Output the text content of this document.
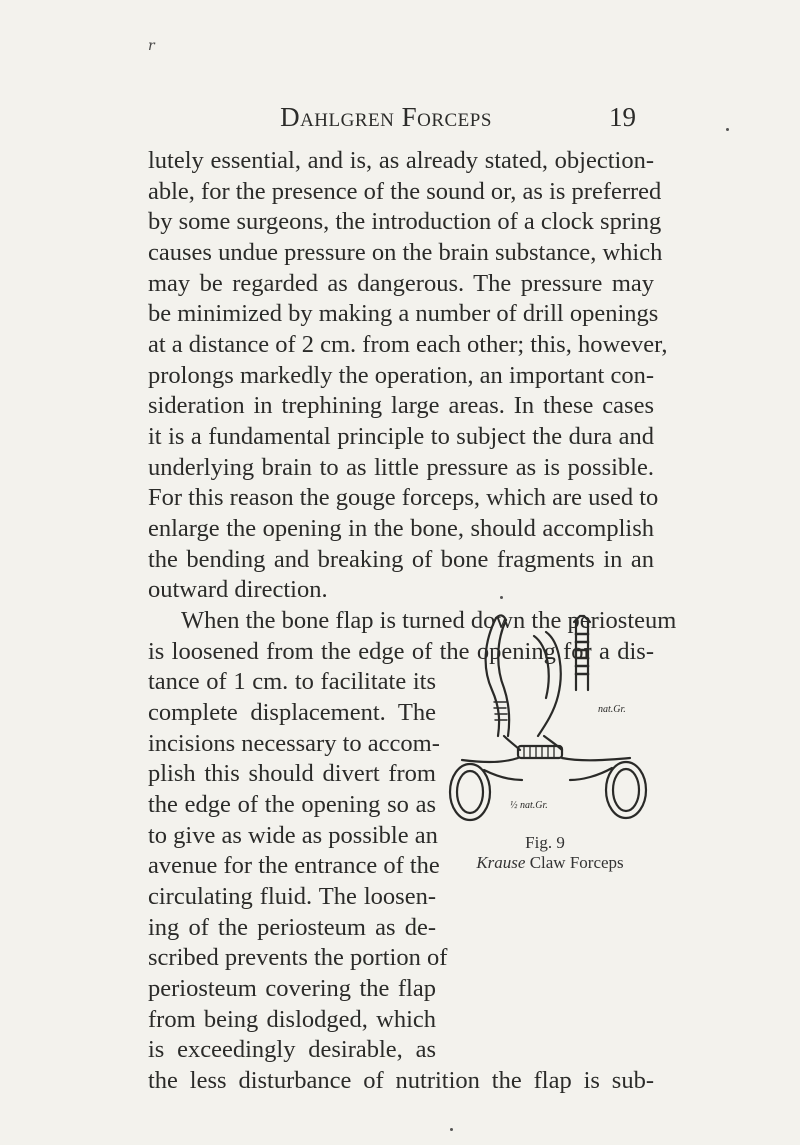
r
Dahlgren Forceps	19
lutely essential, and is, as already stated, objection-
able, for the presence of the sound or, as is preferred
by some surgeons, the introduction of a clock spring
causes undue pressure on the brain substance, which
may be regarded as dangerous. The pressure may
be minimized by making a number of drill openings
at a distance of 2 cm. from each other; this, however,
prolongs markedly the operation, an important con-
sideration in trephining large areas. In these cases
it is a fundamental principle to subject the dura and
underlying brain to as little pressure as is possible.
For this reason the gouge forceps, which are used to
enlarge the opening in the bone, should accomplish
the bending and breaking of bone fragments in an
outward direction.
When the bone flap is turned down the periosteum
is loosened from the edge of the opening for a dis-
tance of 1 cm. to facilitate its
complete displacement. The
incisions necessary to accom-
plish this should divert from
the edge of the opening so as
to give as wide as possible an
avenue for the entrance of the
circulating fluid. The loosen-
ing of the periosteum as de-
scribed prevents the portion of
periosteum covering the flap
from being dislodged, which
is exceedingly desirable, as
the less disturbance of nutrition the flap is sub-
nat.Gr.
½ nat.Gr.
Fig. 9
Krause Claw Forceps
